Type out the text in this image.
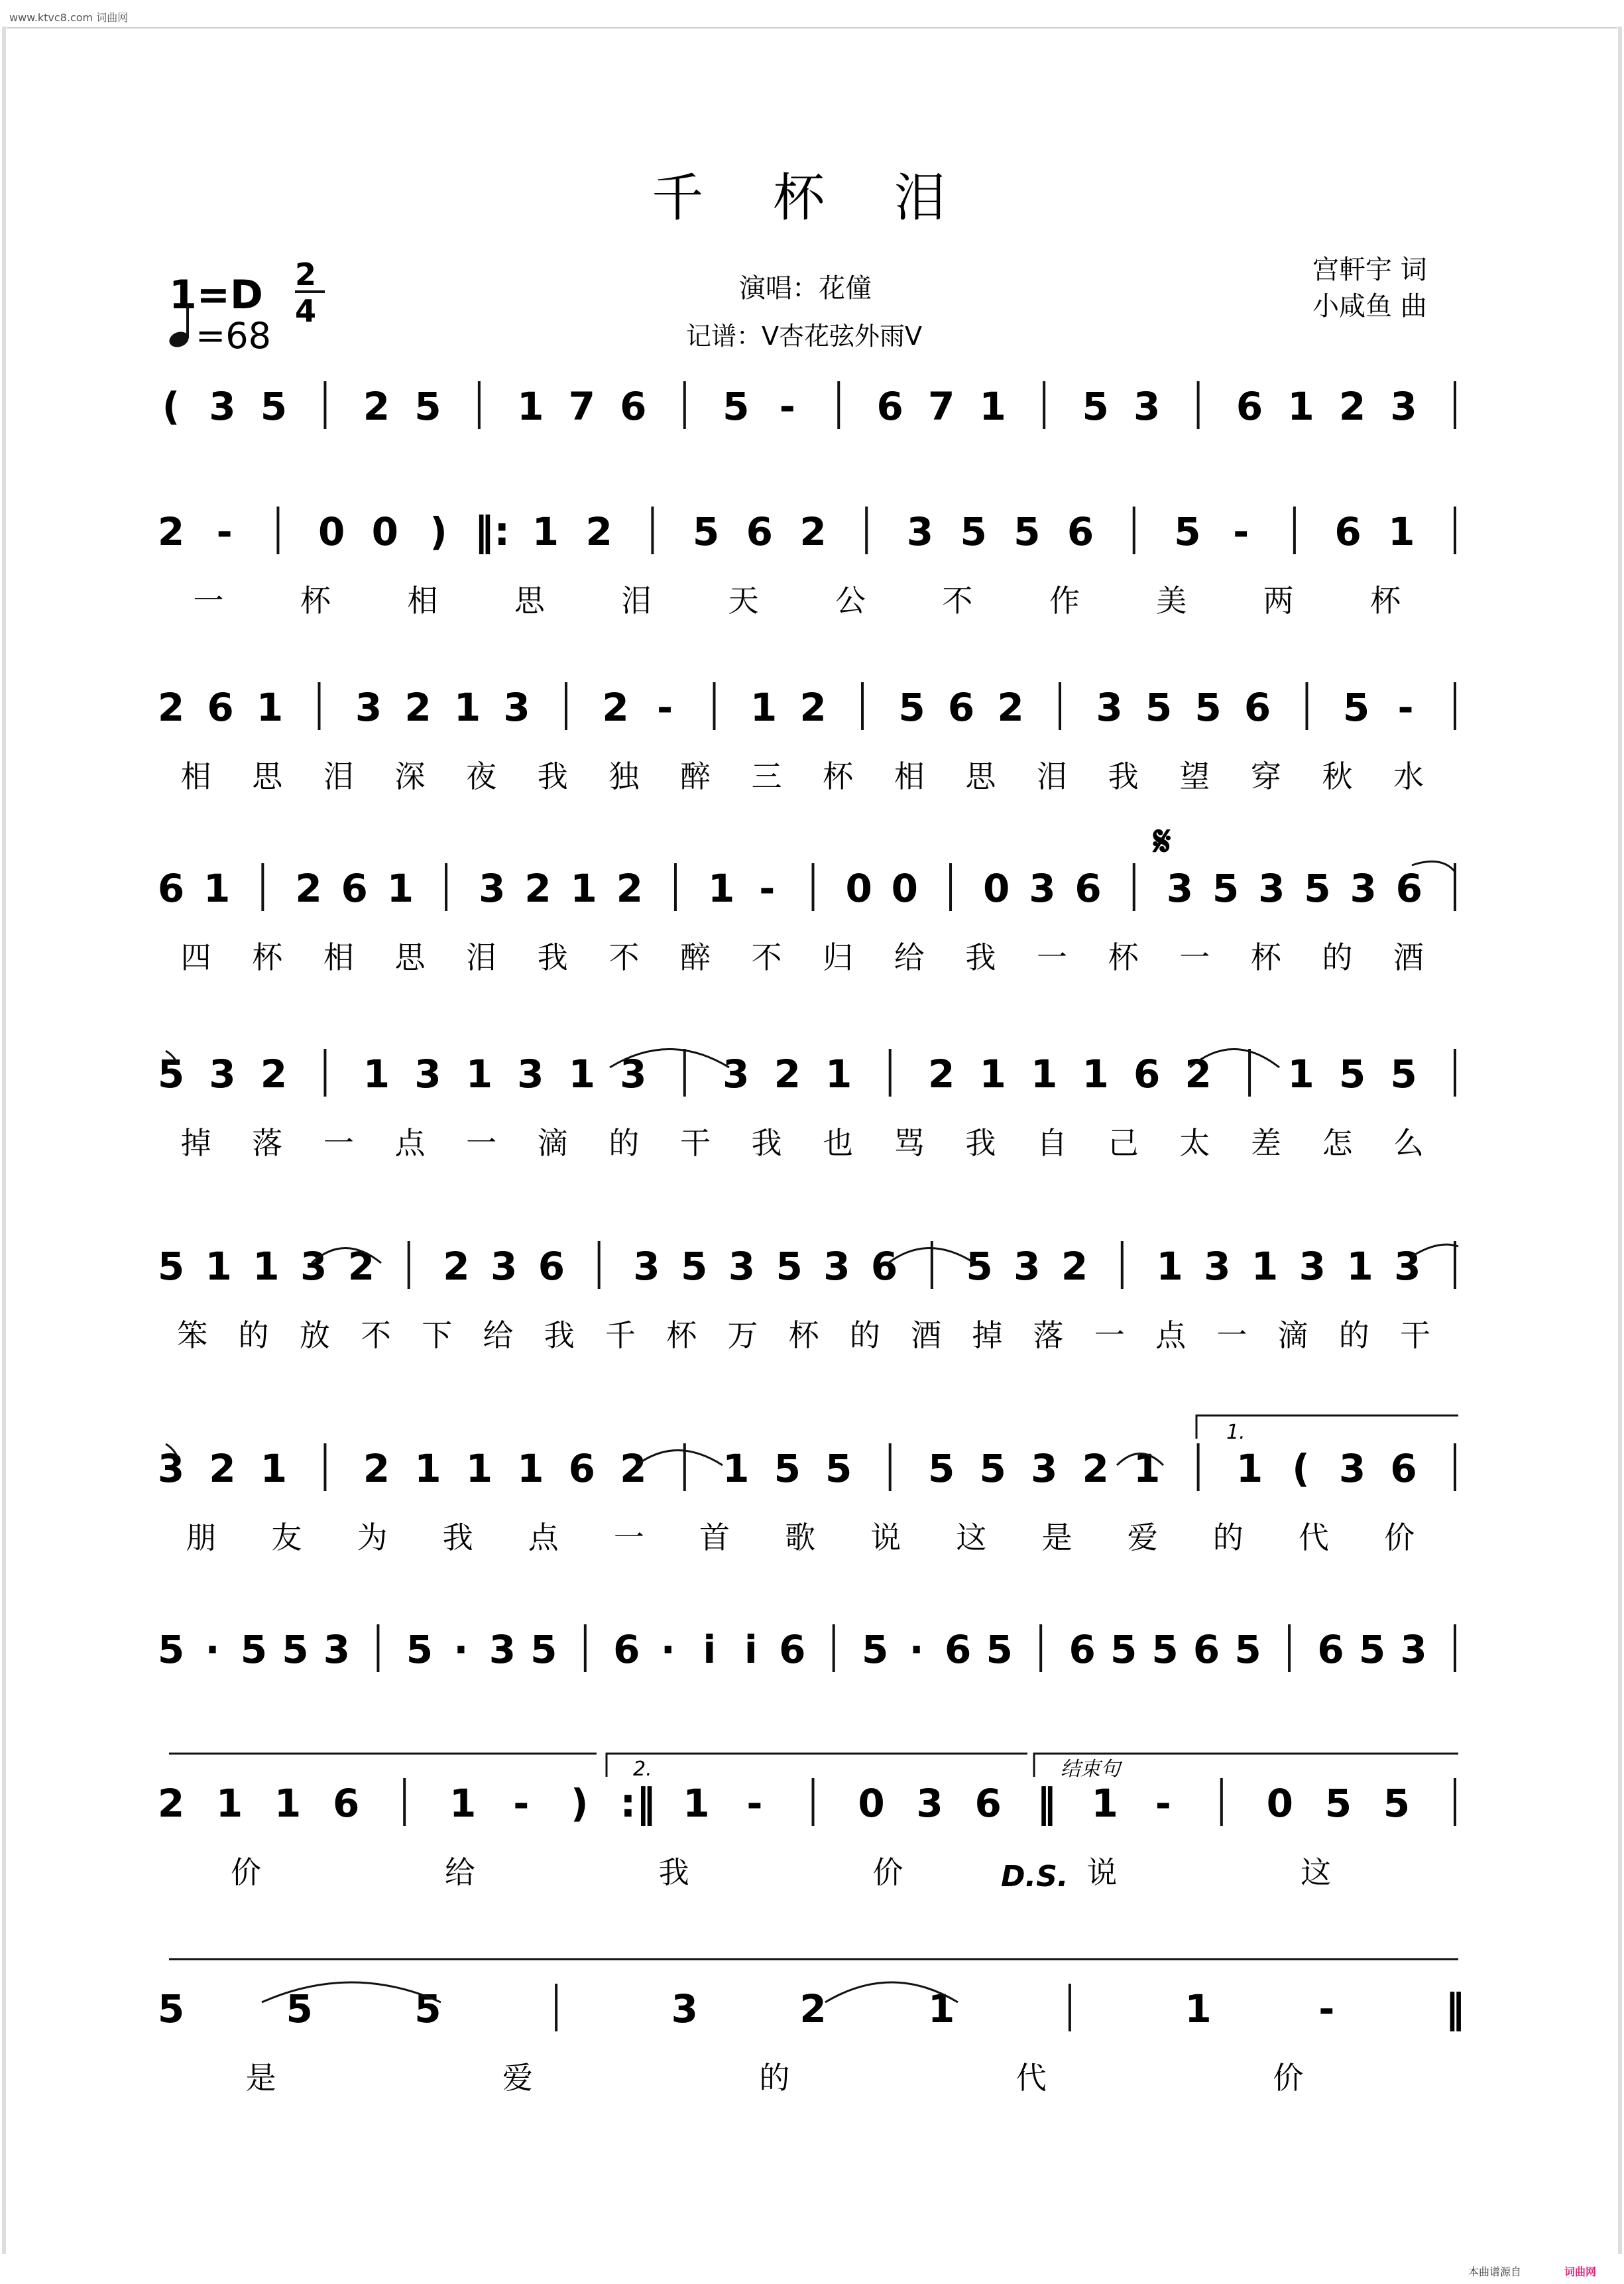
www.ktvc8.com 词曲网
千 杯 泪
1=D 2
4
=68
演唱：花僮
记谱：V杏花弦外雨V
宫軒宇 词
小咸鱼 曲
( 3 5 2 5 1 7 6 5 - 6 7 1 5 3 6 1 2 3
2 - 0 0 ) ‖: 1 2 5 6 2 3 5 5 6 5 - 6 1
一	杯	相	思	泪	天	公	不	作	美	两	杯
2 6 1 3 2 1 3 2 - 1 2 5 6 2 3 5 5 6 5 -
相 思 泪 深 夜 我 独 醉 三 杯 相 思 泪 我 望 穿 秋 水
6 1 2 6 1 3 2 1 2 1 - 0 0 0 3 6 3 5 3 5 3 6
四 杯 相 思 泪 我 不 醉 不 归 给 我 一 杯 一 杯 的 酒
5 3 2 1 3 1 3 1 3 3 2 1 2 1 1 1 6 2 1 5 5
掉 落 一 点 一 滴 的 干 我 也 骂 我 自 己 太 差 怎 么
5 1 1 3 2 2 3 6 3 5 3 5 3 6 5 3 2 1 3 1 3 1 3
笨 的 放 不 下 给 我 千 杯 万 杯 的 酒 掉 落 一 点 一 滴 的 干
3 2 1 2 1 1 1 6 2 1 5 5 5 5 3 2 1 1 ( 3 6
朋 友 为 我 点 一 首 歌 说 这 是 爱 的 代 价
5 · 5 5 3 5 · 3 5 6 · i i 6 5 · 6 5 6 5 5 6 5 6 5 3
2 1 1 6 1 - ) :‖ 1 - 0 3 6 ‖ 1 - 0 5 5
价	给	我	价	说	这
5	5	5	3	2	1	1	-	‖
是	爱	的	代	价
𝄋
D.S.
1.
2.	结束句
本曲谱源自	词曲网
